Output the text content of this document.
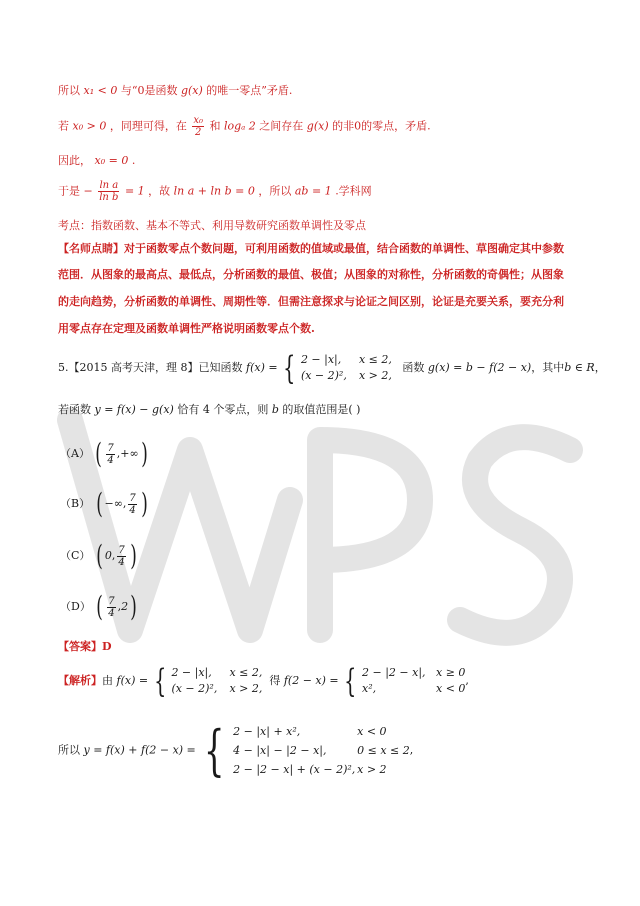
所以 x₁ < 0 与“0是函数 g(x) 的唯一零点”矛盾.
若 x₀ > 0 ，同理可得，在 $\frac{\text{x₀}}{2}$ 和 logₐ 2 之间存在 g(x) 的非0的零点，矛盾.
因此， x₀ = 0 .
于是 − $\frac{\text{ln a}}{\text{ln b}} = 1$ ，故 ln a + ln b = 0 ，所以 ab = 1 .学科网
考点：指数函数、基本不等式、利用导数研究函数单调性及零点
【名师点睛】对于函数零点个数问题，可利用函数的值域或最值，结合函数的单调性、草图确定其中参数
范围．从图象的最高点、最低点，分析函数的最值、极值；从图象的对称性，分析函数的奇偶性；从图象
的走向趋势，分析函数的单调性、周期性等．但需注意探求与论证之间区别，论证是充要关系，要充分利
用零点存在定理及函数单调性严格说明函数零点个数.
5.【2015 高考天津，理 8】已知函数 f(x) = { 2 − |x|, x ≤ 2,
(x − 2)², x > 2,   函数 g(x) = b − f(2 − x)，其中b ∈ R，
若函数 y = f(x) − g(x) 恰有 4 个零点，则 b 的取值范围是( )
（A） ( $\frac{7}{4}$ ,+∞)
（B） ( −∞, $\frac{7}{4}$ )
（C） ( 0, $\frac{7}{4}$ )
（D） ( $\frac{7}{4} ,2$)
【答案】D
【解析】由 f(x) = { 2 − |x|, x ≤ 2,
(x − 2)², x > 2,  得 f(2 − x) = { 2 − |2 − x|, x ≥ 0
x²,	x < 0,
所以 y = f(x) + f(2 − x) = { 2 − |x| + x²,	x < 0
4 − |x| − |2 − x|,	0 ≤ x ≤ 2
2 − |2 − x| + (x − 2)², x > 2,
